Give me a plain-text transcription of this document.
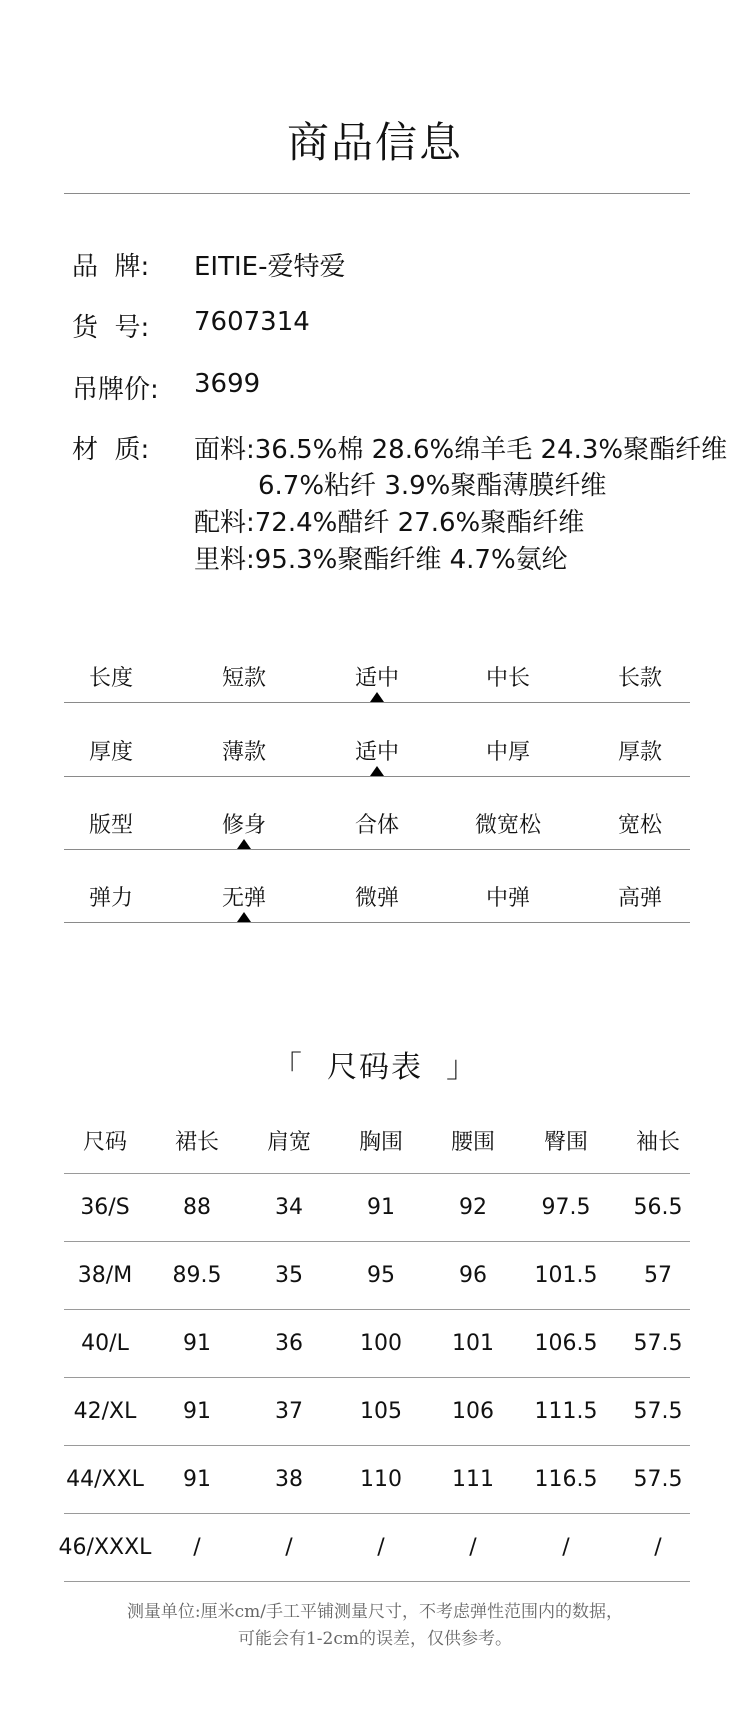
商品信息
品  牌: EITIE-爱特爱
货  号: 7607314
吊牌价: 3699
材  质: 面料:36.5%棉 28.6%绵羊毛 24.3%聚酯纤维
6.7%粘纤 3.9%聚酯薄膜纤维
配料:72.4%醋纤 27.6%聚酯纤维
里料:95.3%聚酯纤维 4.7%氨纶
长度	短款	适中	中长	长款
厚度	薄款	适中	中厚	厚款
版型	修身	合体	微宽松	宽松
弹力	无弹	微弹	中弹	高弹
「  尺码表  」
尺码	裙长	肩宽	胸围	腰围	臀围	袖长
36/S	88	34	91	92	97.5	56.5
38/M	89.5	35	95	96	101.5	57
40/L	91	36	100	101	106.5	57.5
42/XL	91	37	105	106	111.5	57.5
44/XXL	91	38	110	111	116.5	57.5
46/XXXL	/	/	/	/	/	/
测量单位:厘米cm/手工平铺测量尺寸，不考虑弹性范围内的数据，
可能会有1-2cm的误差，仅供参考。
